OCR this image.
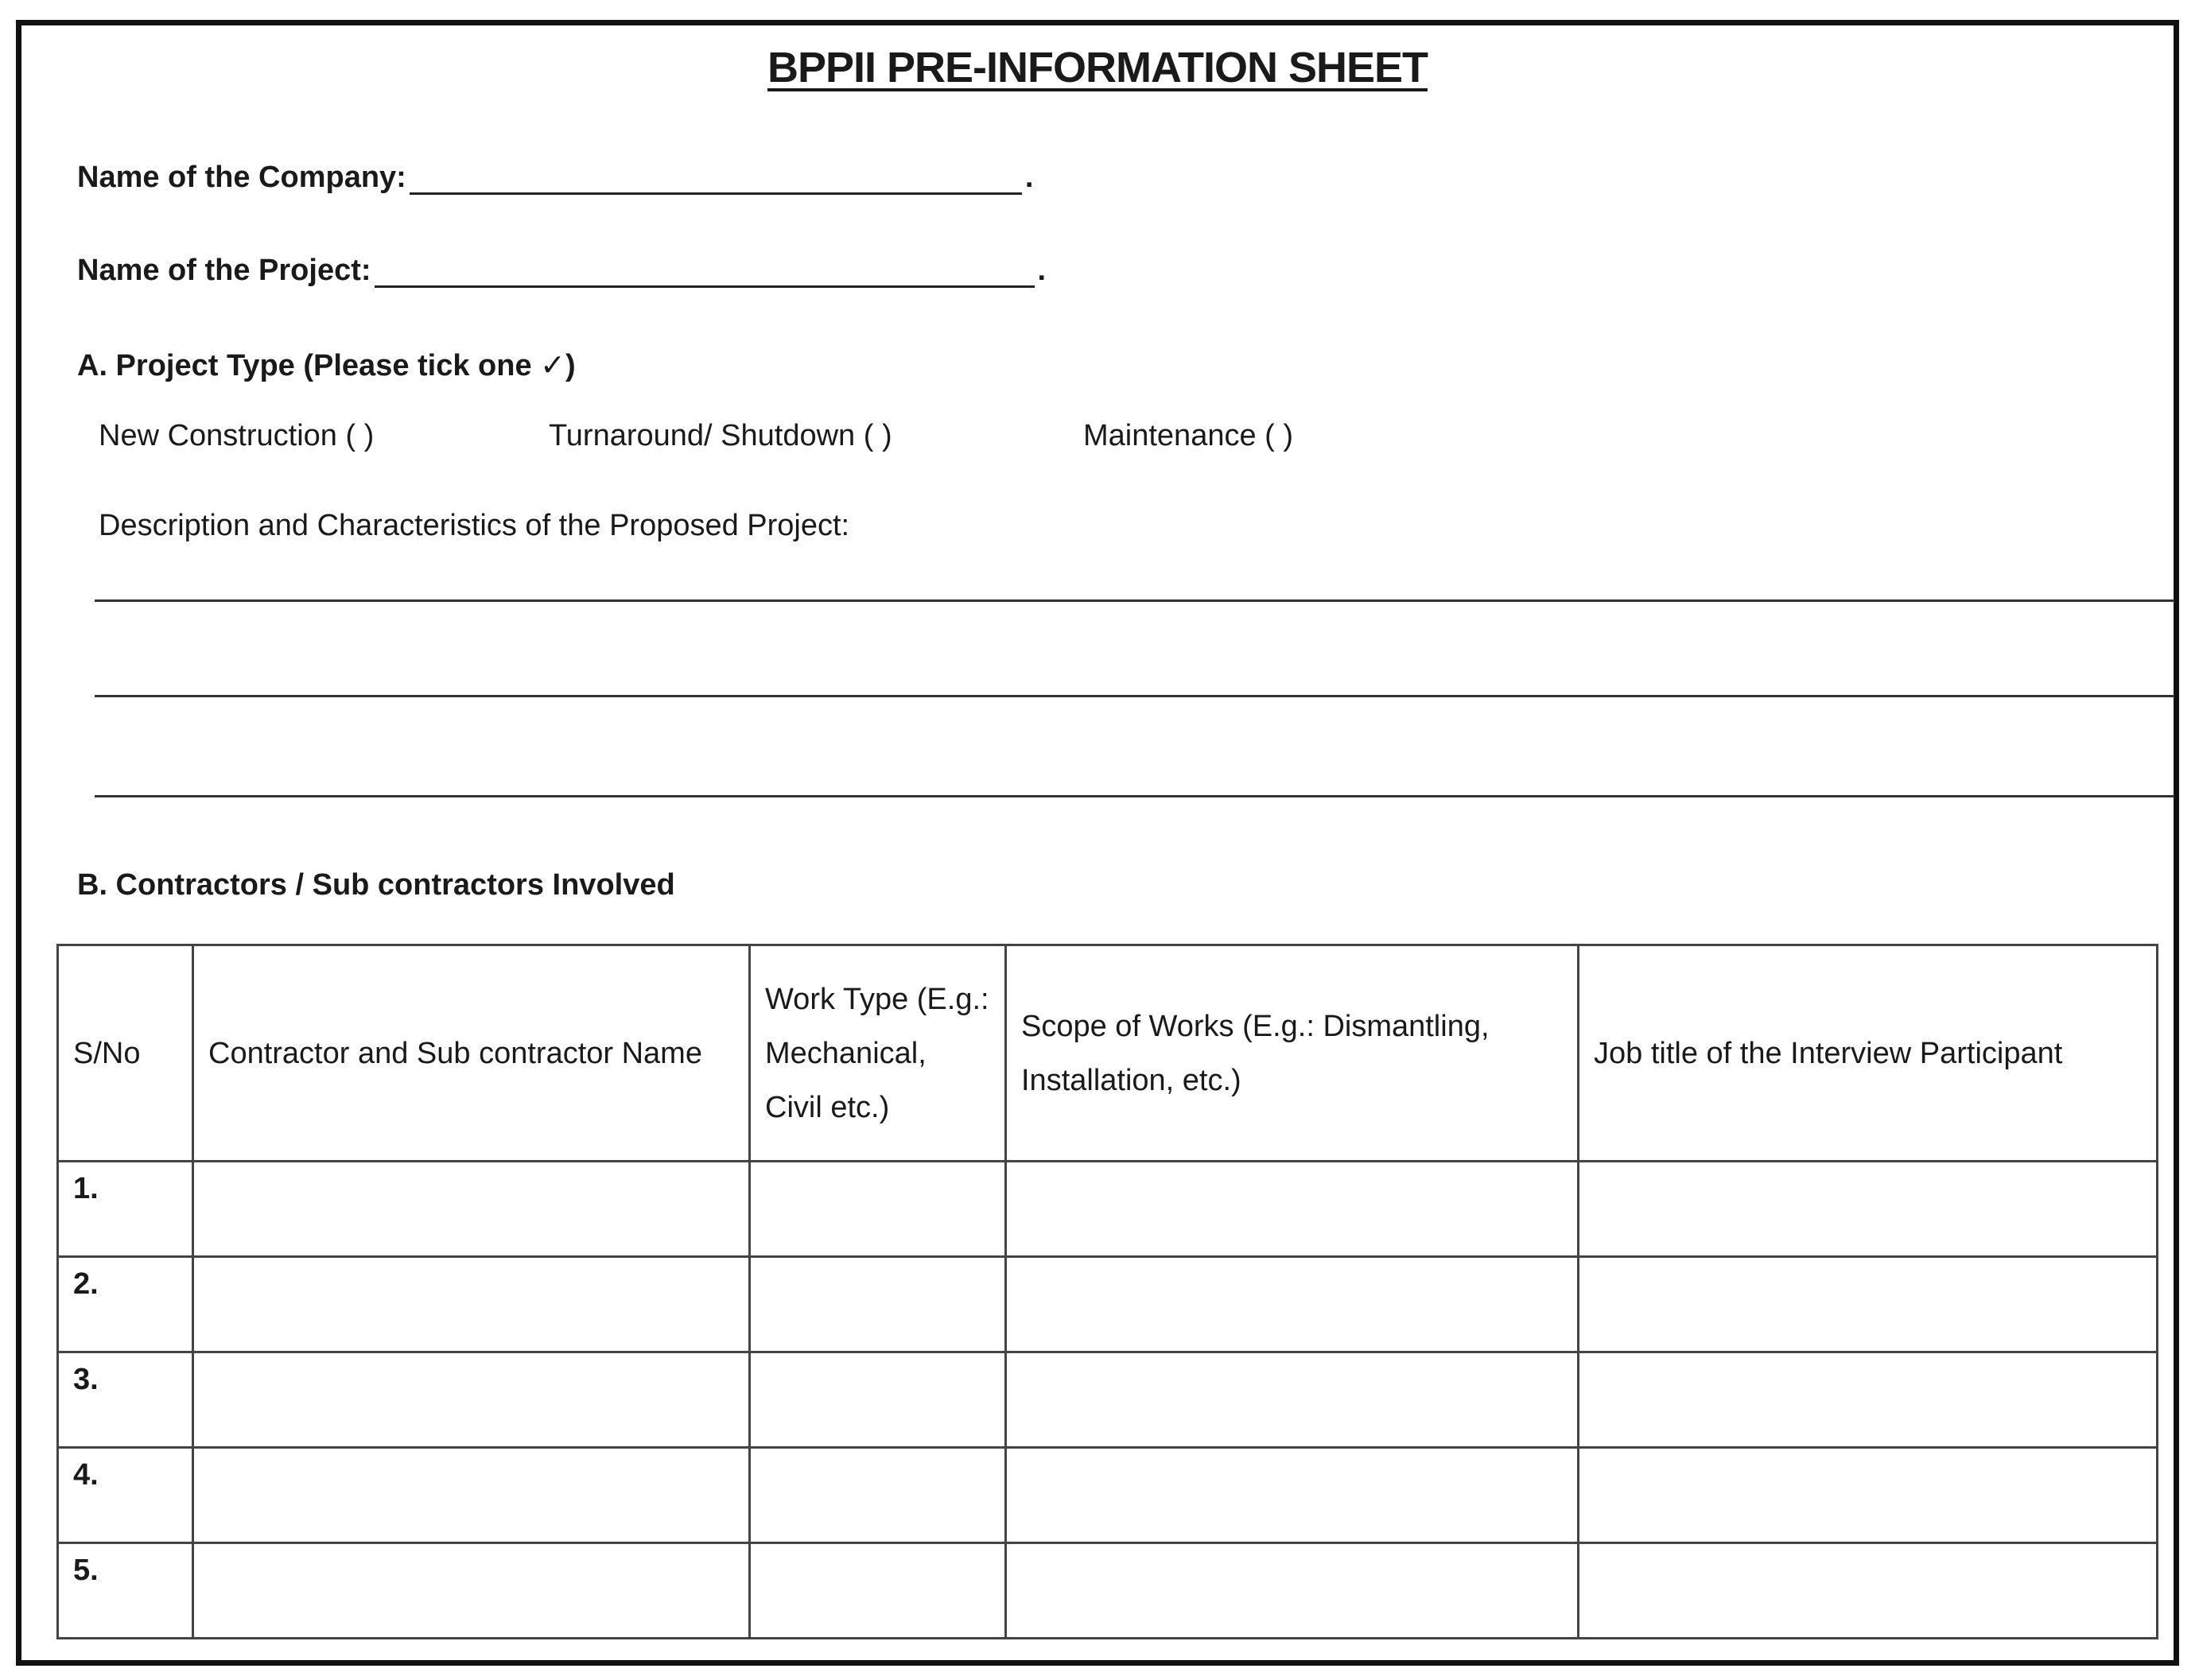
BPPII PRE-INFORMATION SHEET
Name of the Company:	.
Name of the Project:	.
A. Project Type (Please tick one ✓)
New Construction ( )	Turnaround/ Shutdown ( )	Maintenance ( )
Description and Characteristics of the Proposed Project:
B. Contractors / Sub contractors Involved
S/No	Contractor and Sub contractor Name	Work Type (E.g.: Mechanical, Civil etc.)	Scope of Works (E.g.: Dismantling, Installation, etc.)	Job title of the Interview Participant
1.				
2.				
3.				
4.				
5.				
